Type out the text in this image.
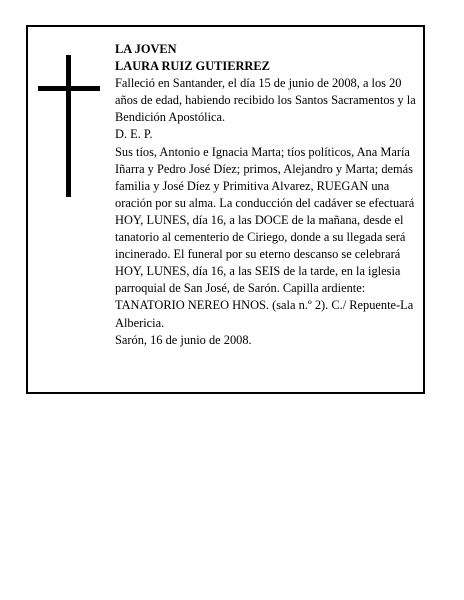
LA JOVEN

LAURA RUIZ GUTIERREZ

Falleció en Santander, el día 15 de junio de 2008, a los 20 años de edad, habiendo recibido los Santos Sacramentos y la Bendición Apostólica.

D. E. P.

Sus tíos, Antonio e Ignacia Marta; tíos políticos, Ana María Iñarra y Pedro José Díez; primos, Alejandro y Marta; demás familia y José Díez y Primitiva Alvarez, RUEGAN una oración por su alma. La conducción del cadáver se efectuará HOY, LUNES, día 16, a las DOCE de la mañana, desde el tanatorio al cementerio de Ciriego, donde a su llegada será incinerado. El funeral por su eterno descanso se celebrará HOY, LUNES, día 16, a las SEIS de la tarde, en la iglesia parroquial de San José, de Sarón. Capilla ardiente: TANATORIO NEREO HNOS. (sala n.º 2). C./ Repuente-La Albericia.

Sarón, 16 de junio de 2008.
